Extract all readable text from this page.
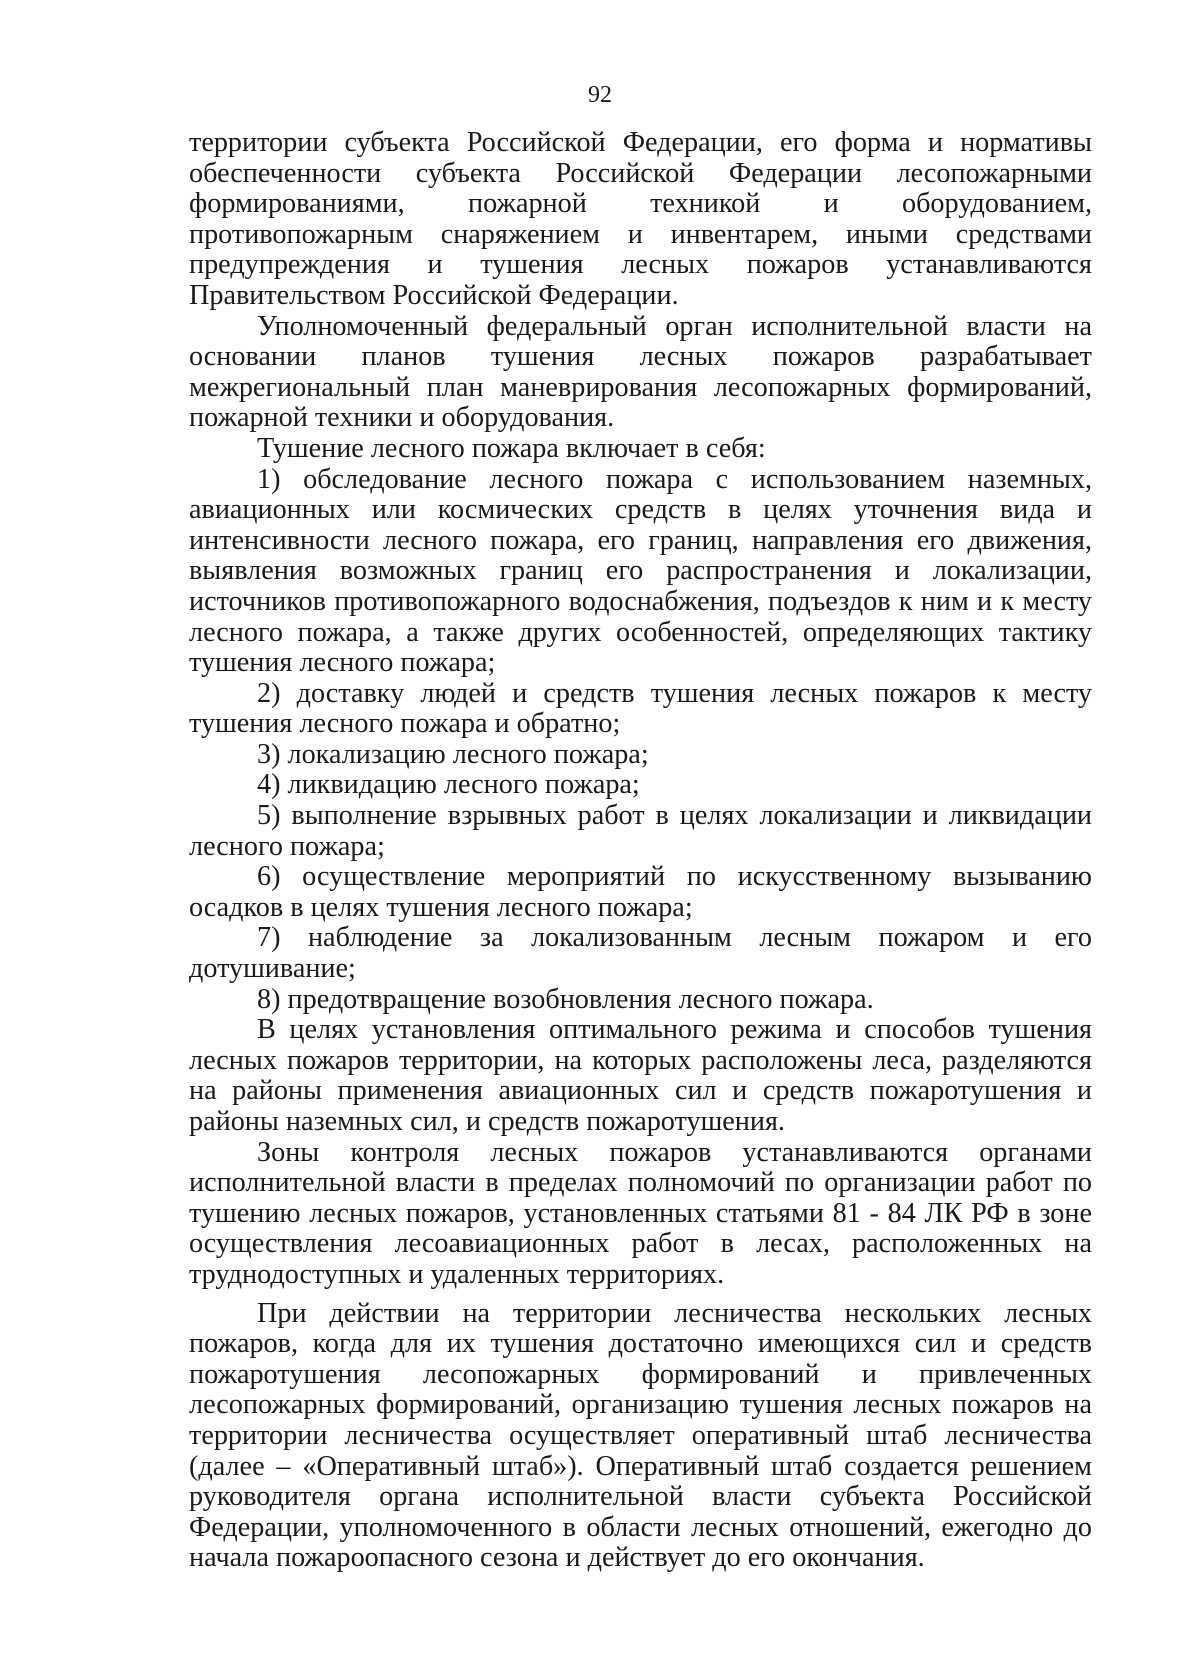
92

территории субъекта Российской Федерации, его форма и нормативы обеспеченности субъекта Российской Федерации лесопожарными формированиями, пожарной техникой и оборудованием, противопожарным снаряжением и инвентарем, иными средствами предупреждения и тушения лесных пожаров устанавливаются Правительством Российской Федерации.

Уполномоченный федеральный орган исполнительной власти на основании планов тушения лесных пожаров разрабатывает межрегиональный план маневрирования лесопожарных формирований, пожарной техники и оборудования.

Тушение лесного пожара включает в себя:

1) обследование лесного пожара с использованием наземных, авиационных или космических средств в целях уточнения вида и интенсивности лесного пожара, его границ, направления его движения, выявления возможных границ его распространения и локализации, источников противопожарного водоснабжения, подъездов к ним и к месту лесного пожара, а также других особенностей, определяющих тактику тушения лесного пожара;

2) доставку людей и средств тушения лесных пожаров к месту тушения лесного пожара и обратно;

3) локализацию лесного пожара;

4) ликвидацию лесного пожара;

5) выполнение взрывных работ в целях локализации и ликвидации лесного пожара;

6) осуществление мероприятий по искусственному вызыванию осадков в целях тушения лесного пожара;

7) наблюдение за локализованным лесным пожаром и его дотушивание;

8) предотвращение возобновления лесного пожара.

В целях установления оптимального режима и способов тушения лесных пожаров территории, на которых расположены леса, разделяются на районы применения авиационных сил и средств пожаротушения и районы наземных сил, и средств пожаротушения.

Зоны контроля лесных пожаров устанавливаются органами исполнительной власти в пределах полномочий по организации работ по тушению лесных пожаров, установленных статьями 81 - 84 ЛК РФ в зоне осуществления лесоавиационных работ в лесах, расположенных на труднодоступных и удаленных территориях.

При действии на территории лесничества нескольких лесных пожаров, когда для их тушения достаточно имеющихся сил и средств пожаротушения лесопожарных формирований и привлеченных лесопожарных формирований, организацию тушения лесных пожаров на территории лесничества осуществляет оперативный штаб лесничества (далее – «Оперативный штаб»). Оперативный штаб создается решением руководителя органа исполнительной власти субъекта Российской Федерации, уполномоченного в области лесных отношений, ежегодно до начала пожароопасного сезона и действует до его окончания.
